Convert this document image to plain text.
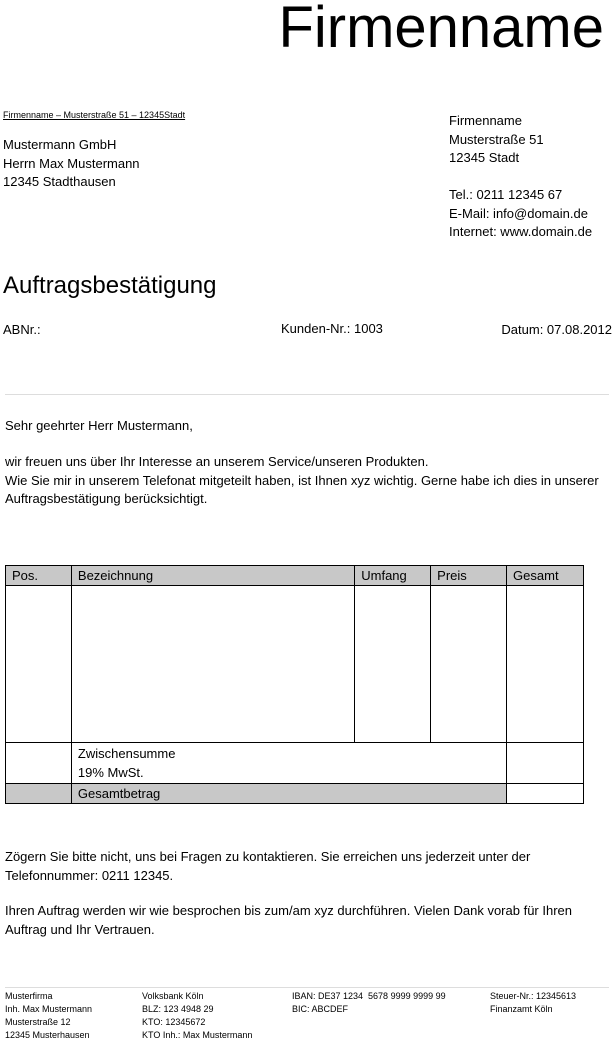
Firmenname
Firmenname – Musterstraße 51 – 12345Stadt
Mustermann GmbH
Herrn Max Mustermann
12345 Stadthausen
Firmenname
Musterstraße 51
12345 Stadt
Tel.: 0211 12345 67
E-Mail: info@domain.de
Internet: www.domain.de
Auftragsbestätigung
ABNr.:	Kunden-Nr.: 1003	Datum: 07.08.2012
Sehr geehrter Herr Mustermann,
wir freuen uns über Ihr Interesse an unserem Service/unseren Produkten.
Wie Sie mir in unserem Telefonat mitgeteilt haben, ist Ihnen xyz wichtig. Gerne habe ich dies in unserer Auftragsbestätigung berücksichtigt.
Pos.	Bezeichnung	Umfang	Preis	Gesamt

	Zwischensumme
19% MwSt.			

	Gesamtbetrag			
Zögern Sie bitte nicht, uns bei Fragen zu kontaktieren. Sie erreichen uns jederzeit unter der Telefonnummer: 0211 12345.
Ihren Auftrag werden wir wie besprochen bis zum/am xyz durchführen. Vielen Dank vorab für Ihren Auftrag und Ihr Vertrauen.
Musterfirma
Inh. Max Mustermann
Musterstraße 12
12345 Musterhausen
Volksbank Köln
BLZ: 123 4948 29
KTO: 12345672
KTO Inh.: Max Mustermann
IBAN: DE37 1234  5678 9999 9999 99
BIC: ABCDEF
Steuer-Nr.: 12345613
Finanzamt Köln
